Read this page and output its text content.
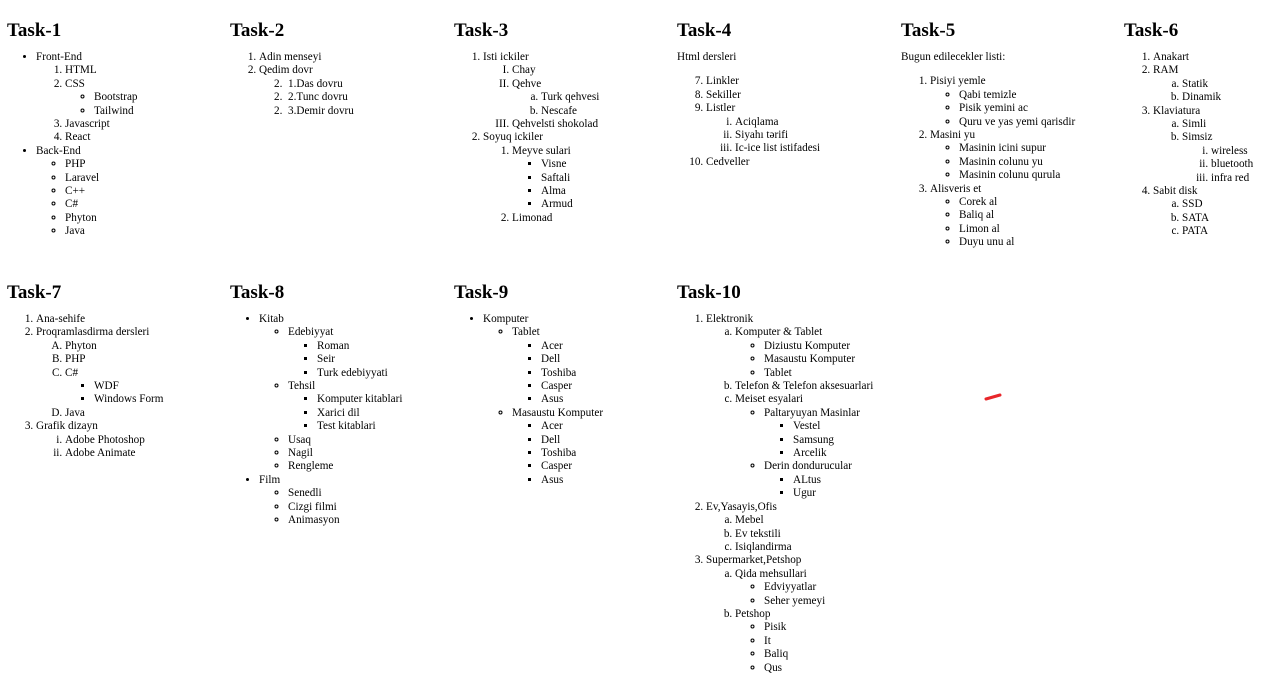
Task-1
• Front-End
1. HTML
2. CSS
◦ Bootstrap
◦ Tailwind
3. Javascript
4. React
• Back-End
◦ PHP
◦ Laravel
◦ C++
◦ C#
◦ Phyton
◦ Java
Task-2
1. Adin menseyi
2. Qedim dovr
2. 1.Das dovru
2. 2.Tunc dovru
2. 3.Demir dovru
Task-3
1. Isti ickiler
I. Chay
II. Qehve
a. Turk qehvesi
b. Nescafe
III. Qehvelsti shokolad
2. Soyuq ickiler
1. Meyve sulari
▪ Visne
▪ Saftali
▪ Alma
▪ Armud
2. Limonad
Task-4

Html dersleri

7. Linkler
8. Sekiller
9. Listler
i. Aciqlama
ii. Siyahı tərifi
iii. Ic-ice list istifadesi
10. Cedveller
Task-5

Bugun edilecekler listi:

1. Pisiyi yemle
◦ Qabi temizle
◦ Pisik yemini ac
◦ Quru ve yas yemi qarisdir
2. Masini yu
◦ Masinin icini supur
◦ Masinin colunu yu
◦ Masinin colunu qurula
3. Alisveris et
◦ Corek al
◦ Baliq al
◦ Limon al
◦ Duyu unu al
Task-6
1. Anakart
2. RAM
a. Statik
b. Dinamik
3. Klaviatura
a. Simli
b. Simsiz
i. wireless
ii. bluetooth
iii. infra red
4. Sabit disk
a. SSD
b. SATA
c. PATA
Task-7
1. Ana-sehife
2. Proqramlasdirma dersleri
A. Phyton
B. PHP
C. C#
▪ WDF
▪ Windows Form
D. Java
3. Grafik dizayn
i. Adobe Photoshop
ii. Adobe Animate
Task-8
• Kitab
◦ Edebiyyat
▪ Roman
▪ Seir
▪ Turk edebiyyati
◦ Tehsil
▪ Komputer kitablari
▪ Xarici dil
▪ Test kitablari
◦ Usaq
◦ Nagil
◦ Rengleme
• Film
◦ Senedli
◦ Cizgi filmi
◦ Animasyon
Task-9
• Komputer
◦ Tablet
▪ Acer
▪ Dell
▪ Toshiba
▪ Casper
▪ Asus
◦ Masaustu Komputer
▪ Acer
▪ Dell
▪ Toshiba
▪ Casper
▪ Asus
Task-10
1. Elektronik
a. Komputer & Tablet
◦ Diziustu Komputer
◦ Masaustu Komputer
◦ Tablet
b. Telefon & Telefon aksesuarlari
c. Meiset esyalari
◦ Paltaryuyan Masinlar
▪ Vestel
▪ Samsung
▪ Arcelik
◦ Derin dondurucular
▪ ALtus
▪ Ugur
2. Ev,Yasayis,Ofis
a. Mebel
b. Ev tekstili
c. Isiqlandirma
3. Supermarket,Petshop
a. Qida mehsullari
◦ Edviyyatlar
◦ Seher yemeyi
b. Petshop
◦ Pisik
◦ It
◦ Baliq
◦ Qus
